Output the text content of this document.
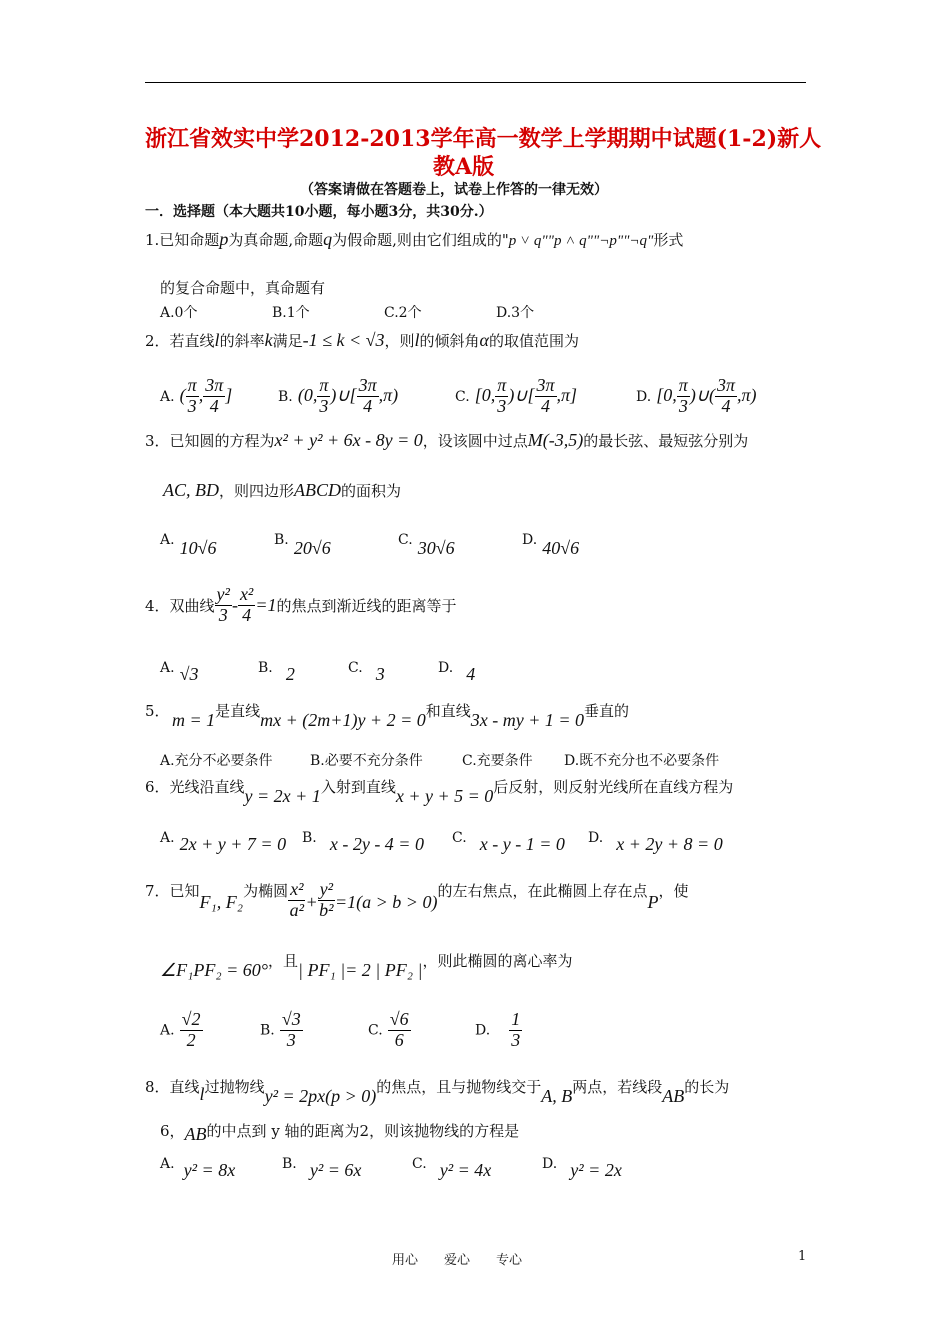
浙江省效实中学2012-2013学年高一数学上学期期中试题(1-2)新人
教A版
（答案请做在答题卷上，试卷上作答的一律无效）
一．选择题（本大题共10小题，每小题3分，共30分.）
1.已知命题p为真命题,命题q为假命题,则由它们组成的"p ˅ q""p ˄ q""¬p""¬q"形式
的复合命题中，真命题有
A.0个	B.1个	C.2个	D.3个
2．若直线l的斜率k满足-1 ≤ k < √3，则l的倾斜角α的取值范围为
A. ( $\frac{\pi}{3}$ , $\frac{3\pi}{4}$ ]	B. (0, $\frac{\pi}{3}$ )∪[ $\frac{3\pi}{4} ,\pi$)	C. [0, $\frac{\pi}{3}$ )∪[ $\frac{3\pi}{4} ,\pi$]	D. [0, $\frac{\pi}{3}$ )∪( $\frac{3\pi}{4} ,\pi$)
3．已知圆的方程为x² + y² + 6x - 8y = 0，设该圆中过点M(-3,5)的最长弦、最短弦分别为
AC, BD，则四边形ABCD的面积为
A. 10√6	B. 20√6	C. 30√6	D. 40√6
4．双曲线 $\frac{\text{y²}}{3} - \frac{\text{x²}}{4} =1$的焦点到渐近线的距离等于
A. √3	B. 2	C. 3	D. 4
5． m = 1是直线mx + (2m+1)y + 2 = 0和直线3x - my + 1 = 0垂直的
A.充分不必要条件	B.必要不充分条件	C.充要条件 D.既不充分也不必要条件
6．光线沿直线y = 2x + 1入射到直线x + y + 5 = 0后反射，则反射光线所在直线方程为
A. 2x + y + 7 = 0 B. x - 2y - 4 = 0 C. x - y - 1 = 0 D. x + 2y + 8 = 0
7．已知F₁, F₂为椭圆 $\frac{\text{x²}}{\text{a²}} + \frac{\text{y²}}{\text{b²}} =1(a > b > 0)$的左右焦点，在此椭圆上存在点P，使
∠F₁PF₂ = 60°，且| PF₁ |= 2 | PF₂ |，则此椭圆的离心率为
A. $\frac{√2}{2}$	B. $\frac{√3}{3}$	C. $\frac{√6}{6}$	D. $\frac{1}{3}$
8．直线l过抛物线y² = 2px(p > 0)的焦点，且与抛物线交于A, B两点，若线段AB的长为
6，AB的中点到 y 轴的距离为2，则该抛物线的方程是
A. y² = 8x	B. y² = 6x	C. y² = 4x	D. y² = 2x
用心　　爱心　　专心	1
